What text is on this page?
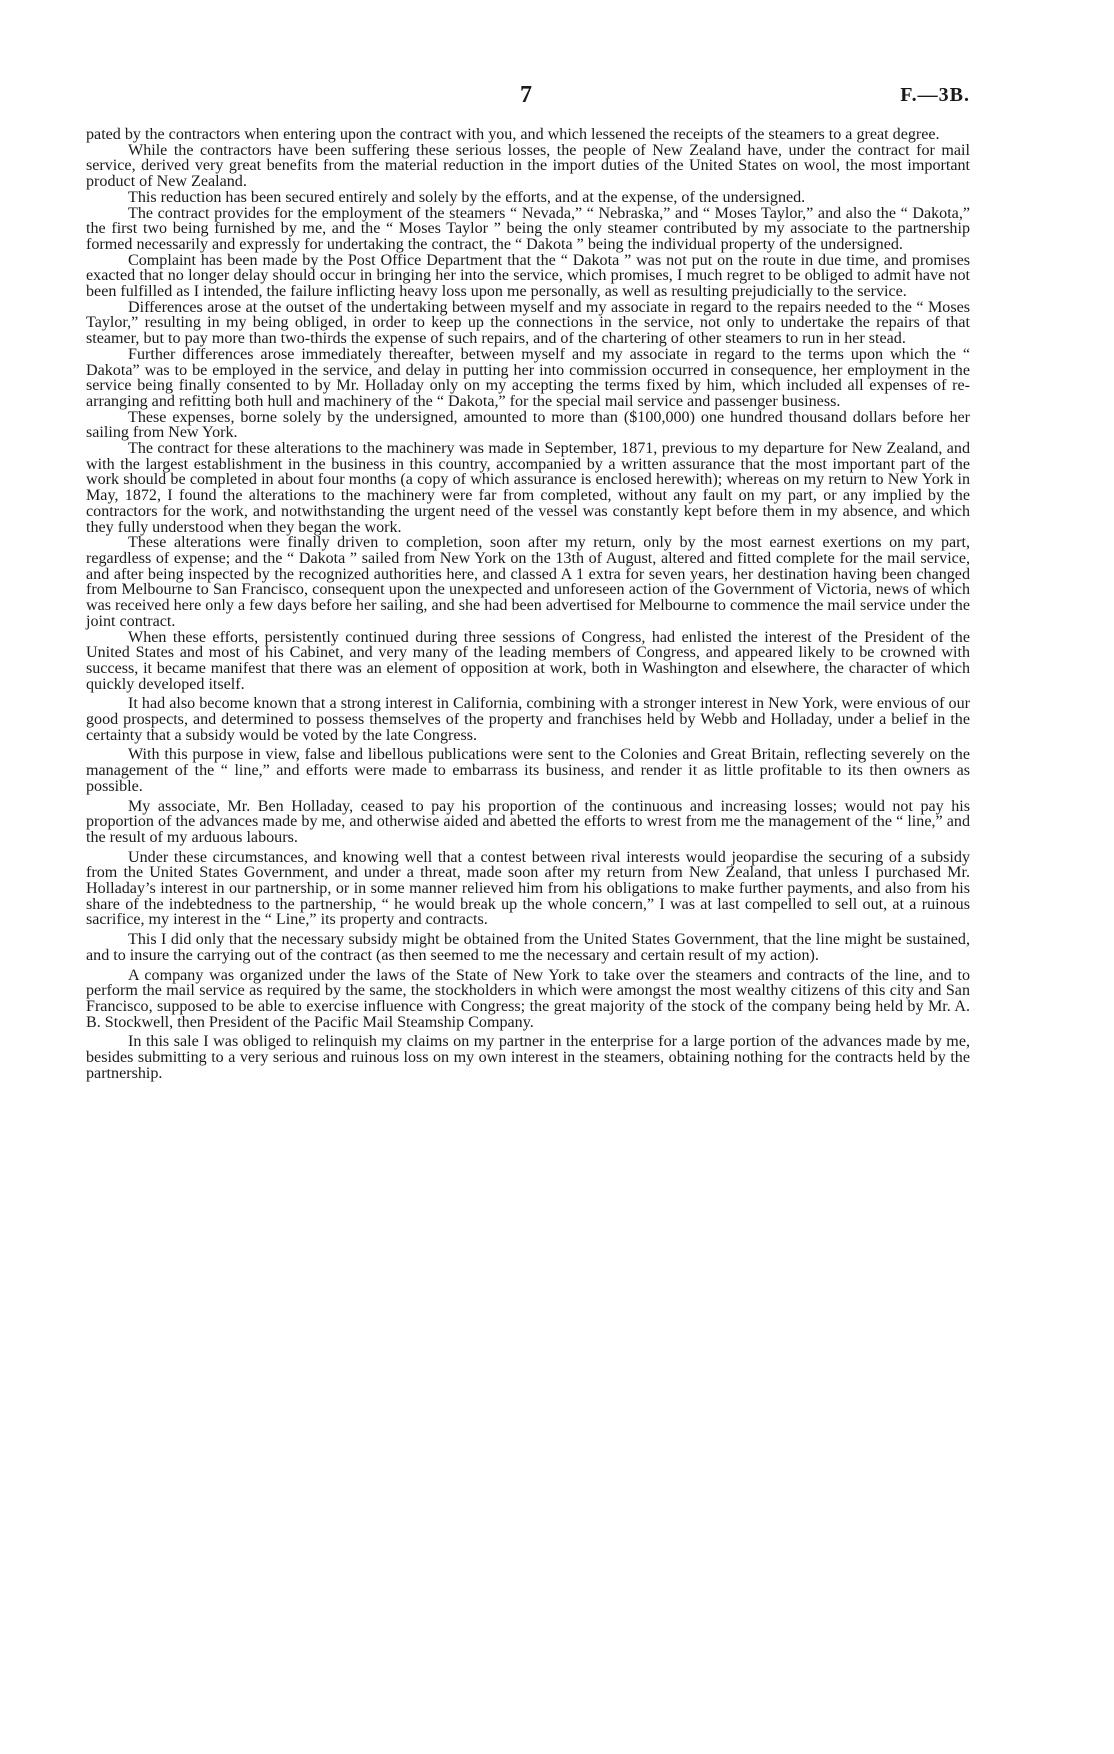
7	F.—3B.

pated by the contractors when entering upon the contract with you, and which lessened the receipts of the steamers to a great degree.

While the contractors have been suffering these serious losses, the people of New Zealand have, under the contract for mail service, derived very great benefits from the material reduction in the import duties of the United States on wool, the most important product of New Zealand.

This reduction has been secured entirely and solely by the efforts, and at the expense, of the undersigned.

The contract provides for the employment of the steamers “ Nevada,” “ Nebraska,” and “ Moses Taylor,” and also the “ Dakota,” the first two being furnished by me, and the “ Moses Taylor ” being the only steamer contributed by my associate to the partnership formed necessarily and expressly for undertaking the contract, the “ Dakota ” being the individual property of the undersigned.

Complaint has been made by the Post Office Department that the “ Dakota ” was not put on the route in due time, and promises exacted that no longer delay should occur in bringing her into the service, which promises, I much regret to be obliged to admit have not been fulfilled as I intended, the failure inflicting heavy loss upon me personally, as well as resulting prejudicially to the service.

Differences arose at the outset of the undertaking between myself and my associate in regard to the repairs needed to the “ Moses Taylor,” resulting in my being obliged, in order to keep up the connections in the service, not only to undertake the repairs of that steamer, but to pay more than two-thirds the expense of such repairs, and of the chartering of other steamers to run in her stead.

Further differences arose immediately thereafter, between myself and my associate in regard to the terms upon which the “ Dakota” was to be employed in the service, and delay in putting her into commission occurred in consequence, her employment in the service being finally consented to by Mr. Holladay only on my accepting the terms fixed by him, which included all expenses of re-arranging and refitting both hull and machinery of the “ Dakota,” for the special mail service and passenger business.

These expenses, borne solely by the undersigned, amounted to more than ($100,000) one hundred thousand dollars before her sailing from New York.

The contract for these alterations to the machinery was made in September, 1871, previous to my departure for New Zealand, and with the largest establishment in the business in this country, accompanied by a written assurance that the most important part of the work should be completed in about four months (a copy of which assurance is enclosed herewith); whereas on my return to New York in May, 1872, I found the alterations to the machinery were far from completed, without any fault on my part, or any implied by the contractors for the work, and notwithstanding the urgent need of the vessel was constantly kept before them in my absence, and which they fully understood when they began the work.

These alterations were finally driven to completion, soon after my return, only by the most earnest exertions on my part, regardless of expense; and the “ Dakota ” sailed from New York on the 13th of August, altered and fitted complete for the mail service, and after being inspected by the recognized authorities here, and classed A 1 extra for seven years, her destination having been changed from Melbourne to San Francisco, consequent upon the unexpected and unforeseen action of the Government of Victoria, news of which was received here only a few days before her sailing, and she had been advertised for Melbourne to commence the mail service under the joint contract.

When these efforts, persistently continued during three sessions of Congress, had enlisted the interest of the President of the United States and most of his Cabinet, and very many of the leading members of Congress, and appeared likely to be crowned with success, it became manifest that there was an element of opposition at work, both in Washington and elsewhere, the character of which quickly developed itself.

It had also become known that a strong interest in California, combining with a stronger interest in New York, were envious of our good prospects, and determined to possess themselves of the property and franchises held by Webb and Holladay, under a belief in the certainty that a subsidy would be voted by the late Congress.

With this purpose in view, false and libellous publications were sent to the Colonies and Great Britain, reflecting severely on the management of the “ line,” and efforts were made to embarrass its business, and render it as little profitable to its then owners as possible.

My associate, Mr. Ben Holladay, ceased to pay his proportion of the continuous and increasing losses; would not pay his proportion of the advances made by me, and otherwise aided and abetted the efforts to wrest from me the management of the “ line,” and the result of my arduous labours.

Under these circumstances, and knowing well that a contest between rival interests would jeopardise the securing of a subsidy from the United States Government, and under a threat, made soon after my return from New Zealand, that unless I purchased Mr. Holladay’s interest in our partnership, or in some manner relieved him from his obligations to make further payments, and also from his share of the indebtedness to the partnership, “ he would break up the whole concern,” I was at last compelled to sell out, at a ruinous sacrifice, my interest in the “ Line,” its property and contracts.

This I did only that the necessary subsidy might be obtained from the United States Government, that the line might be sustained, and to insure the carrying out of the contract (as then seemed to me the necessary and certain result of my action).

A company was organized under the laws of the State of New York to take over the steamers and contracts of the line, and to perform the mail service as required by the same, the stockholders in which were amongst the most wealthy citizens of this city and San Francisco, supposed to be able to exercise influence with Congress; the great majority of the stock of the company being held by Mr. A. B. Stockwell, then President of the Pacific Mail Steamship Company.

In this sale I was obliged to relinquish my claims on my partner in the enterprise for a large portion of the advances made by me, besides submitting to a very serious and ruinous loss on my own interest in the steamers, obtaining nothing for the contracts held by the partnership.
